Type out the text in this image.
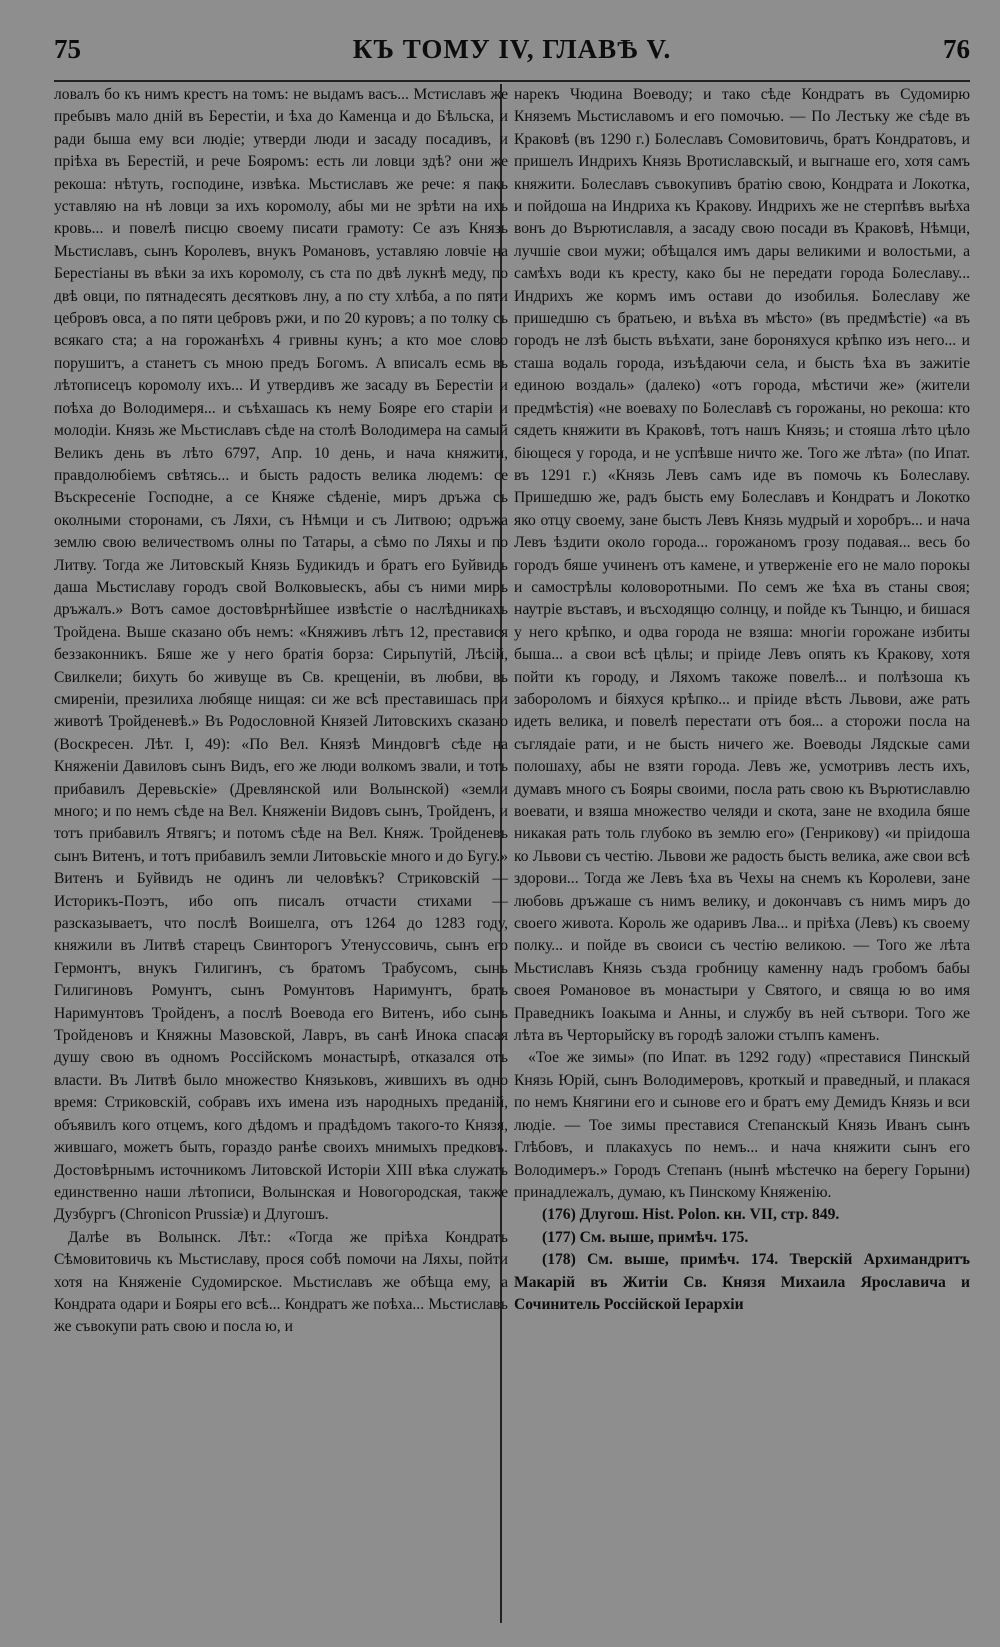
75	КЪ ТОМУ IV, ГЛАВѢ V.	76

ловалъ бо къ нимъ крестъ на томъ: не выдамъ васъ... Мстиславъ же пребывъ мало дній въ Берестіи, и ѣха до Каменца и до Бѣльска, и ради быша ему вси людіе; утверди люди и засаду посадивъ, и пріѣха въ Берестій, и рече Бояромъ: есть ли ловци здѣ? они же рекоша: нѣтуть, господине, извѣка. Мьстиславъ же рече: я пакь уставляю на нѣ ловци за ихъ коромолу, абы ми не зрѣти на ихъ кровь... и повелѣ писцю своему писати грамоту: Се азъ Князь Мьстиславъ, сынъ Королевъ, внукъ Романовъ, уставляю ловчіе на Берестіаны въ вѣки за ихъ коромолу, съ ста по двѣ лукнѣ меду, по двѣ овци, по пятнадесять десятковъ лну, а по сту хлѣба, а по пяти цебровъ овса, а по пяти цебровъ ржи, и по 20 куровъ; а по толку съ всякаго ста; а на горожанѣхъ 4 гривны кунъ; а кто мое слово порушитъ, а станетъ съ мною предъ Богомъ. А вписалъ есмь въ лѣтописецъ коромолу ихъ... И утвердивъ же засаду въ Берестіи и поѣха до Володимеря... и съѣхашась къ нему Бояре его старіи и молодіи. Князь же Мьстиславъ сѣде на столѣ Володимера на самый Великъ день въ лѣто 6797, Апр. 10 день, и нача княжити, правдолюбіемъ свѣтясь... и бысть радость велика людемъ: се Въскресеніе Господне, а се Княже сѣденіе, миръ дръжа съ околными сторонами, съ Ляхи, съ Нѣмци и съ Литвою; одръжа землю свою величествомъ олны по Татары, а сѣмо по Ляхы и по Литву. Тогда же Литовскый Князь Будикидъ и братъ его Буйвидъ даша Мьстиславу городъ свой Волковыескъ, абы съ ними миръ дръжалъ.» Вотъ самое достовѣрнѣйшее извѣстіе о наслѣдникахъ Тройдена. Выше сказано объ немъ: «Княживъ лѣтъ 12, преставися беззаконникъ. Бяше же у него братія борза: Сирьпутій, Лѣсій, Свилкели; бихуть бо живуще въ Св. крещеніи, въ любви, въ смиреніи, презилиха любяще нищая: си же всѣ преставишась при животѣ Тройденевѣ.» Въ Родословной Князей Литовскихъ сказано (Воскресен. Лѣт. I, 49): «По Вел. Князѣ Миндовгѣ сѣде на Княженіи Давиловъ сынъ Видъ, его же люди волкомъ звали, и тотъ прибавилъ Деревьскіе» (Древлянской или Волынской) «земли много; и по немъ сѣде на Вел. Княженіи Видовъ сынъ, Тройденъ, и тотъ прибавилъ Ятвягъ; и потомъ сѣде на Вел. Княж. Тройденевъ сынъ Витенъ, и тотъ прибавилъ земли Литовьскіе много и до Бугу.» Витенъ и Буйвидъ не одинъ ли человѣкъ? Стриковскій — Историкъ-Поэтъ, ибо опъ писалъ отчасти стихами — разсказываетъ, что послѣ Воишелга, отъ 1264 до 1283 году, княжили въ Литвѣ старецъ Свинторогъ Утенуссовичь, сынъ его Гермонтъ, внукъ Гилигинъ, съ братомъ Трабусомъ, сынъ Гилигиновъ Ромунтъ, сынъ Ромунтовъ Наримунтъ, братъ Наримунтовъ Тройденъ, а послѣ Воевода его Витенъ, ибо сынъ Тройденовъ и Княжны Мазовской, Лавръ, въ санѣ Инока спасая душу свою въ одномъ Россійскомъ монастырѣ, отказался отъ власти. Въ Литвѣ было множество Князьковъ, жившихъ въ одно время: Стриковскій, собравъ ихъ имена изъ народныхъ преданій, объявилъ кого отцемъ, кого дѣдомъ и прадѣдомъ такого-то Князя, жившаго, можетъ быть, гораздо ранѣе своихъ мнимыхъ предковъ. Достовѣрнымъ источникомъ Литовской Исторіи XIII вѣка служатъ единственно наши лѣтописи, Волынская и Новогородская, также Дузбургъ (Chronicon Prussiæ) и Длугошъ.

Далѣе въ Волынск. Лѣт.: «Тогда же пріѣха Кондратъ Сѣмовитовичь къ Мьстиславу, прося собѣ помочи на Ляхы, пойти хотя на Княженіе Судомирское. Мьстиславъ же обѣща ему, а Кондрата одари и Бояры его всѣ... Кондратъ же поѣха... Мьстиславъ же съвокупи рать свою и посла ю, и

нарекъ Чюдина Воеводу; и тако сѣде Кондратъ въ Судомирю Княземъ Мьстиславомъ и его помочью. — По Лестьку же сѣде въ Краковѣ (въ 1290 г.) Болеславъ Сомовитовичь, братъ Кондратовъ, и пришелъ Индрихъ Князь Вротиславскый, и выгнаше его, хотя самъ княжити. Болеславъ съвокупивъ братію свою, Кондрата и Локотка, и пойдоша на Индриха къ Кракову. Индрихъ же не стерпѣвъ выѣха вонъ до Върютиславля, а засаду свою посади въ Краковѣ, Нѣмци, лучшіе свои мужи; обѣщался имъ дары великими и волостьми, а самѣхъ води къ кресту, како бы не передати города Болеславу... Индрихъ же кормъ имъ остави до изобилья. Болеславу же пришедшю съ братьею, и въѣха въ мѣсто» (въ предмѣстіе) «а въ городъ не лзѣ бысть въѣхати, зане бороняхуся крѣпко изъ него... и сташа водаль города, изъѣдаючи села, и бысть ѣха въ зажитіе единою воздаль» (далеко) «отъ города, мѣстичи же» (жители предмѣстія) «не воеваху по Болеславѣ съ горожаны, но рекоша: кто сядеть княжити въ Краковѣ, тотъ нашъ Князь; и стояша лѣто цѣло біющеся у города, и не успѣвше ничто же. Того же лѣта» (по Ипат. въ 1291 г.) «Князь Левъ самъ иде въ помочь къ Болеславу. Пришедшю же, радъ бысть ему Болеславъ и Кондратъ и Локотко яко отцу своему, зане бысть Левъ Князь мудрый и хоробръ... и нача Левъ ѣздити около города... горожаномъ грозу подавая... весь бо городъ бяше учиненъ отъ камене, и утверженіе его не мало порокы и самострѣлы коловоротными. По семъ же ѣха въ станы своя; наутріе въставъ, и въсходящю солнцу, и пойде къ Тынцю, и бишася у него крѣпко, и одва города не взяша: многіи горожане избиты быша... а свои всѣ цѣлы; и пріиде Левъ опять къ Кракову, хотя пойти къ городу, и Ляхомъ такоже повелѣ... и полѣзоша къ забороломъ и біяхуся крѣпко... и пріиде вѣсть Львови, аже рать идеть велика, и повелѣ перестати отъ боя... а сторожи посла на съглядаіе рати, и не бысть ничего же. Воеводы Лядскые сами полошаху, абы не взяти города. Левъ же, усмотривъ лесть ихъ, думавъ много съ Бояры своими, посла рать свою къ Върютиславлю воевати, и взяша множество челяди и скота, зане не входила бяше никакая рать толь глубоко въ землю его» (Генрикову) «и пріидоша ко Львови съ честію. Львови же радость бысть велика, аже свои всѣ здорови... Тогда же Левъ ѣха въ Чехы на снемъ къ Королеви, зане любовь дръжаше съ нимъ велику, и докончавъ съ нимъ миръ до своего живота. Король же одаривъ Лва... и пріѣха (Левъ) къ своему полку... и пойде въ своиси съ честію великою. — Того же лѣта Мьстиславъ Князь създа гробницу каменну надъ гробомъ бабы своея Романовое въ монастыри у Святого, и свяща ю во имя Праведникъ Іоакыма и Анны, и службу въ ней сътвори. Того же лѣта въ Черторыйску въ городѣ заложи стълпъ каменъ.

«Тое же зимы» (по Ипат. въ 1292 году) «преставися Пинскый Князь Юрій, сынъ Володимеровъ, кроткый и праведный, и плакася по немъ Княгини его и сынове его и братъ ему Демидъ Князь и вси людіе. — Тое зимы преставися Степанскый Князь Иванъ сынъ Глѣбовъ, и плакахусь по немъ... и нача княжити сынъ его Володимеръ.» Городъ Степанъ (нынѣ мѣстечко на берегу Горыни) принадлежалъ, думаю, къ Пинскому Княженію.

(176) Длугош. Hist. Polon. кн. VII, стр. 849.

(177) См. выше, примѣч. 175.

(178) См. выше, примѣч. 174. Тверскій Архимандритъ Макарій въ Житіи Св. Князя Михаила Ярославича и Сочинитель Россійской Іерархіи
